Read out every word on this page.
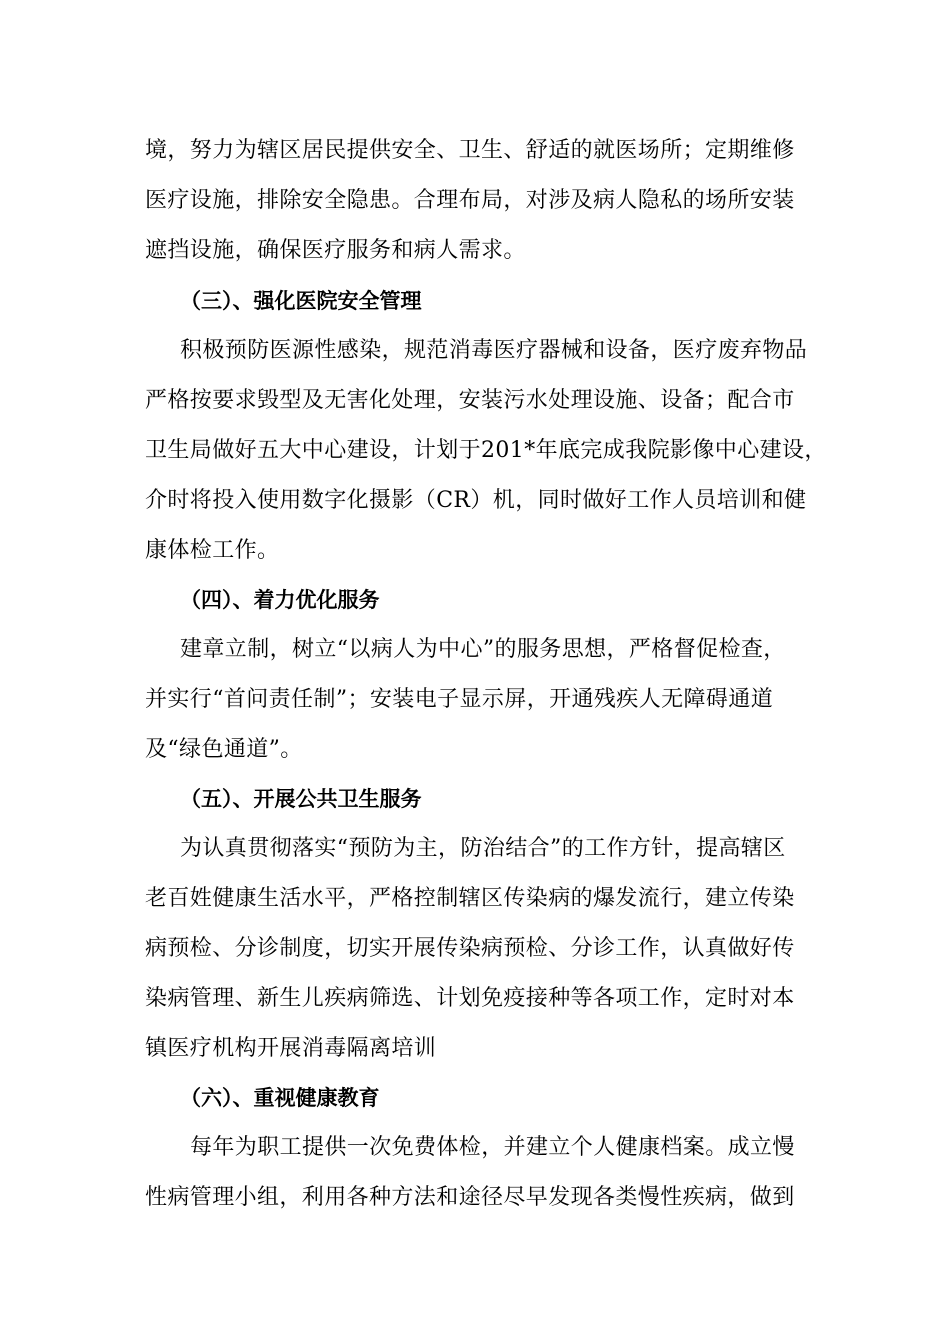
境，努力为辖区居民提供安全、卫生、舒适的就医场所；定期维修
医疗设施，排除安全隐患。合理布局，对涉及病人隐私的场所安装
遮挡设施，确保医疗服务和病人需求。
（三）、强化医院安全管理
积极预防医源性感染，规范消毒医疗器械和设备，医疗废弃物品
严格按要求毁型及无害化处理，安装污水处理设施、设备；配合市
卫生局做好五大中心建设，计划于201*年底完成我院影像中心建设，
介时将投入使用数字化摄影（CR）机，同时做好工作人员培训和健
康体检工作。
（四）、着力优化服务
建章立制，树立“以病人为中心”的服务思想，严格督促检查，
并实行“首问责任制”；安装电子显示屏，开通残疾人无障碍通道
及“绿色通道”。
（五）、开展公共卫生服务
为认真贯彻落实“预防为主，防治结合”的工作方针，提高辖区
老百姓健康生活水平，严格控制辖区传染病的爆发流行，建立传染
病预检、分诊制度，切实开展传染病预检、分诊工作，认真做好传
染病管理、新生儿疾病筛选、计划免疫接种等各项工作，定时对本
镇医疗机构开展消毒隔离培训
（六）、重视健康教育
每年为职工提供一次免费体检，并建立个人健康档案。成立慢
性病管理小组，利用各种方法和途径尽早发现各类慢性疾病，做到
